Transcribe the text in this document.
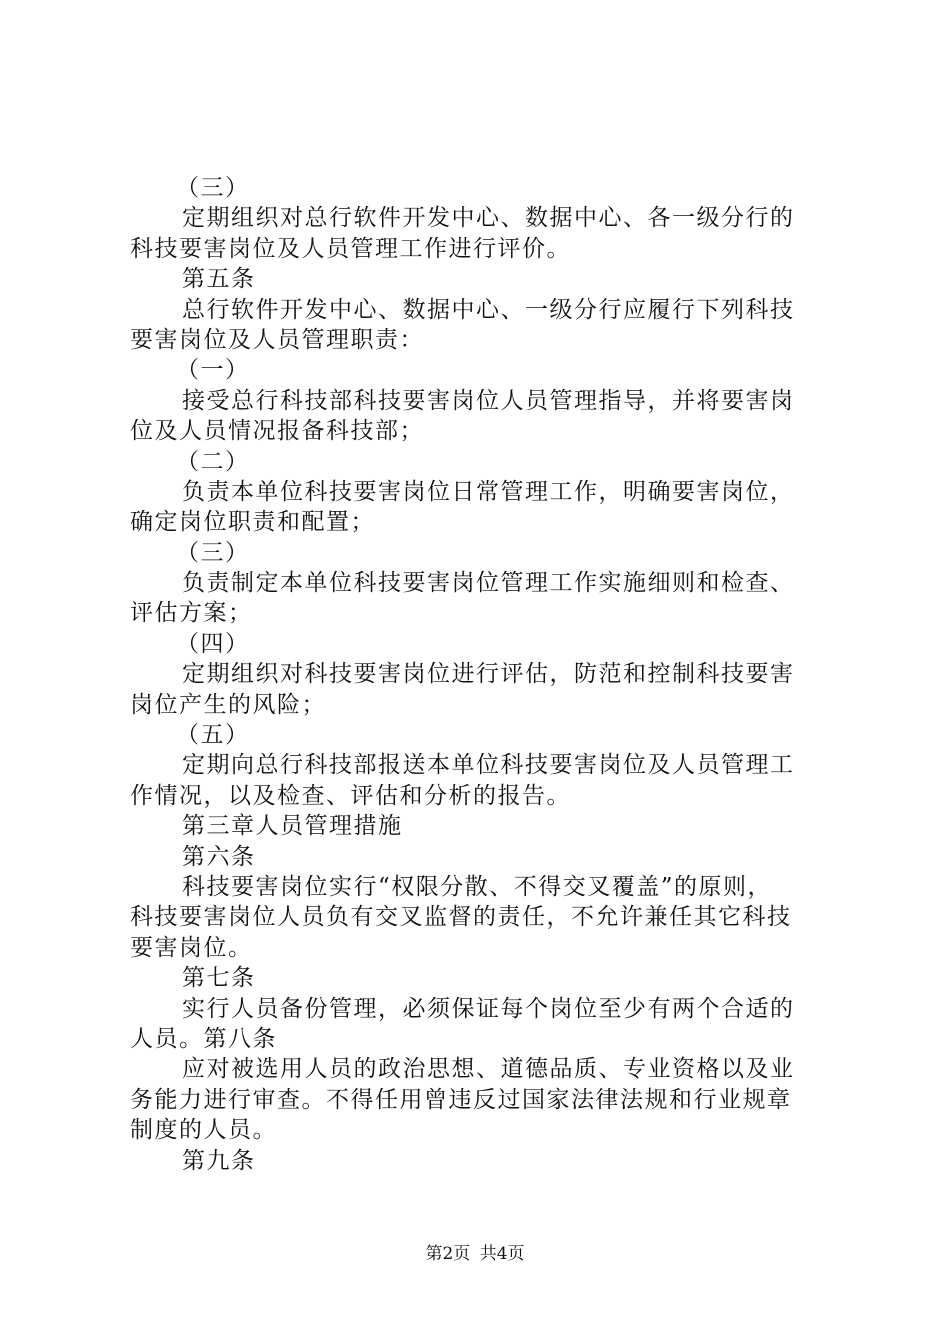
（三）
定期组织对总行软件开发中心、数据中心、各一级分行的
科技要害岗位及人员管理工作进行评价。
第五条
总行软件开发中心、数据中心、一级分行应履行下列科技
要害岗位及人员管理职责：
（一）
接受总行科技部科技要害岗位人员管理指导，并将要害岗
位及人员情况报备科技部；
（二）
负责本单位科技要害岗位日常管理工作，明确要害岗位，
确定岗位职责和配置；
（三）
负责制定本单位科技要害岗位管理工作实施细则和检查、
评估方案；
（四）
定期组织对科技要害岗位进行评估，防范和控制科技要害
岗位产生的风险；
（五）
定期向总行科技部报送本单位科技要害岗位及人员管理工
作情况，以及检查、评估和分析的报告。
第三章人员管理措施
第六条
科技要害岗位实行“权限分散、不得交叉覆盖”的原则，
科技要害岗位人员负有交叉监督的责任，不允许兼任其它科技
要害岗位。
第七条
实行人员备份管理，必须保证每个岗位至少有两个合适的
人员。第八条
应对被选用人员的政治思想、道德品质、专业资格以及业
务能力进行审查。不得任用曾违反过国家法律法规和行业规章
制度的人员。
第九条
第2页 共4页
